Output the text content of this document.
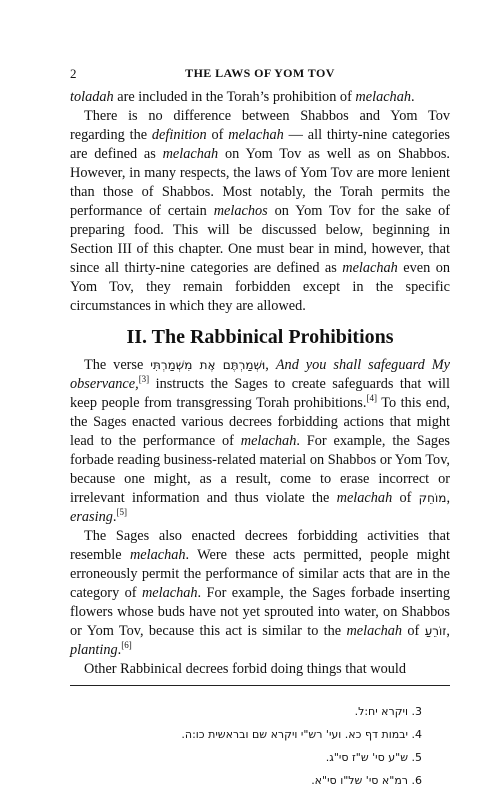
2	THE LAWS OF YOM TOV

toladah are included in the Torah’s prohibition of melachah.

There is no difference between Shabbos and Yom Tov regarding the definition of melachah — all thirty-nine categories are defined as melachah on Yom Tov as well as on Shabbos. However, in many respects, the laws of Yom Tov are more lenient than those of Shabbos. Most notably, the Torah permits the performance of certain melachos on Yom Tov for the sake of preparing food. This will be discussed below, beginning in Section III of this chapter. One must bear in mind, however, that since all thirty-nine categories are defined as melachah even on Yom Tov, they remain forbidden except in the specific circumstances in which they are allowed.

II. The Rabbinical Prohibitions

The verse וּשְׁמַרְתֶּם אֶת מִשְׁמַרְתִּי, And you shall safeguard My observance,[3] instructs the Sages to create safeguards that will keep people from transgressing Torah prohibitions.[4] To this end, the Sages enacted various decrees forbidding actions that might lead to the performance of melachah. For example, the Sages forbade reading business-related material on Shabbos or Yom Tov, because one might, as a result, come to erase incorrect or irrelevant information and thus violate the melachah of מוֹחֵק, erasing.[5]

The Sages also enacted decrees forbidding activities that resemble melachah. Were these acts permitted, people might erroneously permit the performance of similar acts that are in the category of melachah. For example, the Sages forbade inserting flowers whose buds have not yet sprouted into water, on Shabbos or Yom Tov, because this act is similar to the melachah of זוֹרֵעַ, planting.[6]

Other Rabbinical decrees forbid doing things that would

3. ויקרא יח:ל.
4. יבמות דף כא. ועי' רש"י ויקרא שם ובראשית כו:ה.
5. ש"ע סי' ש"ז סי"ג.
6. רמ"א סי' של"ו סי"א.
